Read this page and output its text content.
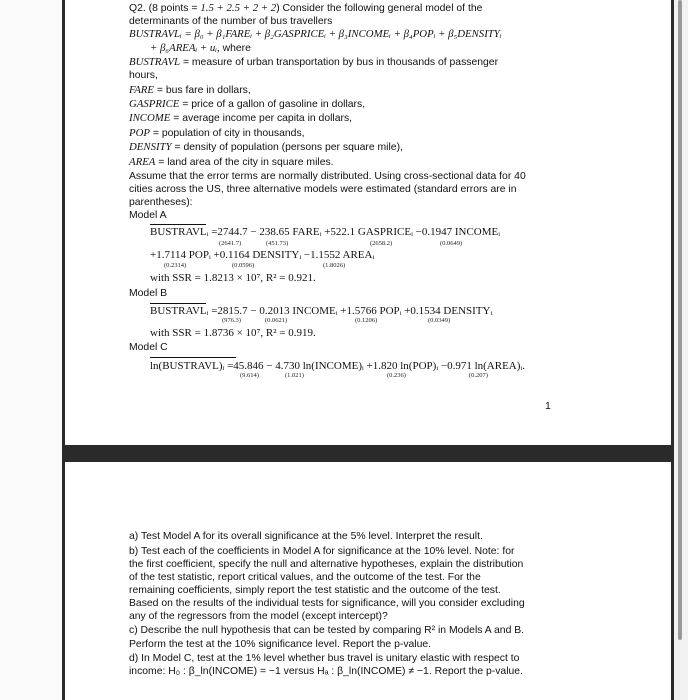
Q2. (8 points = 1.5 + 2.5 + 2 + 2) Consider the following general model of the
determinants of the number of bus travellers
BUSTRAVLᵢ = β₀ + β₁FAREᵢ + β₂GASPRICEᵢ + β₃INCOMEᵢ + β₄POPᵢ + β₅DENSITYᵢ
+ β₆AREAᵢ + uᵢ, where
BUSTRAVL = measure of urban transportation by bus in thousands of passenger
hours,
FARE = bus fare in dollars,
GASPRICE = price of a gallon of gasoline in dollars,
INCOME = average income per capita in dollars,
POP = population of city in thousands,
DENSITY = density of population (persons per square mile),
AREA = land area of the city in square miles.
Assume that the error terms are normally distributed. Using cross-sectional data for 40
cities across the US, three alternative models were estimated (standard errors are in
parentheses):
Model A
BUSTRAVLᵢ =2744.7 − 238.65 FAREᵢ +522.1 GASPRICEᵢ −0.1947 INCOMEᵢ
(2641.7)	(451.73)	(2658.2)	(0.0649)
+1.7114 POPᵢ +0.1164 DENSITYᵢ −1.1552 AREAᵢ
(0.2314)	(0.0596)	(1.8026)
with SSR = 1.8213 × 10⁷, R² = 0.921.
Model B
BUSTRAVLᵢ =2815.7 − 0.2013 INCOMEᵢ +1.5766 POPᵢ +0.1534 DENSITYᵢ
(976.3)	(0.0621)	(0.1206)	(0.0349)
with SSR = 1.8736 × 10⁷, R² = 0.919.
Model C
ln(BUSTRAVL)ᵢ =45.846 − 4.730 ln(INCOME)ᵢ +1.820 ln(POP)ᵢ −0.971 ln(AREA)ᵢ.
(9.614)	(1.021)	(0.236)	(0.207)
1
a) Test Model A for its overall significance at the 5% level. Interpret the result.
b) Test each of the coefficients in Model A for significance at the 10% level. Note: for
the first coefficient, specify the null and alternative hypotheses, explain the distribution
of the test statistic, report critical values, and the outcome of the test. For the
remaining coefficients, simply report the test statistic and the outcome of the test.
Based on the results of the individual tests for significance, will you consider excluding
any of the regressors from the model (except intercept)?
c) Describe the null hypothesis that can be tested by comparing R² in Models A and B.
Perform the test at the 10% significance level. Report the p-value.
d) In Model C, test at the 1% level whether bus travel is unitary elastic with respect to
income: H₀ : β_ln(INCOME) = −1 versus Hₐ : β_ln(INCOME) ≠ −1. Report the p-value.
